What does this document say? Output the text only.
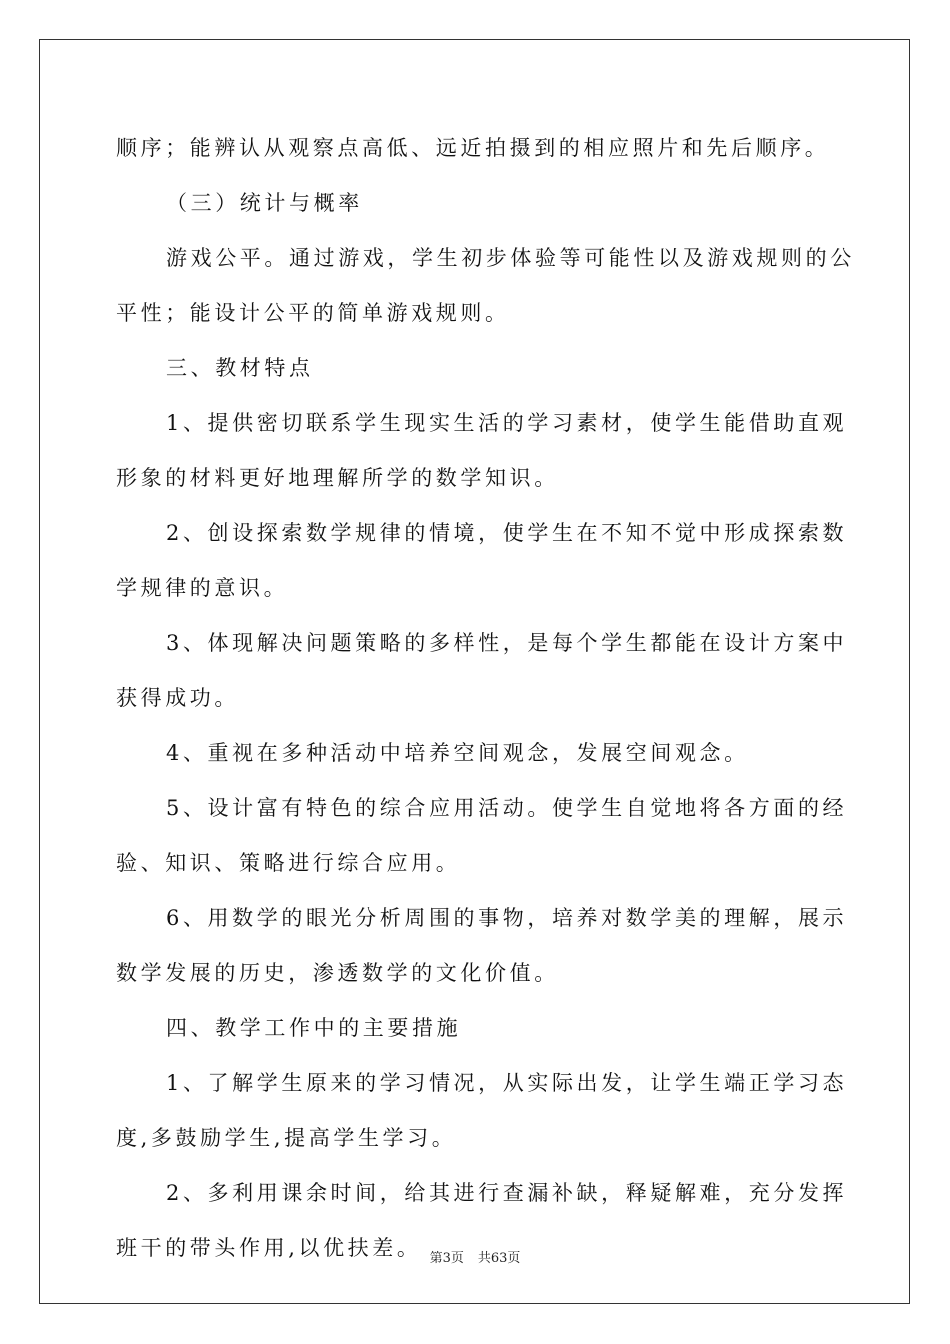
顺序；能辨认从观察点高低、远近拍摄到的相应照片和先后顺序。
（三）统计与概率
游戏公平。通过游戏，学生初步体验等可能性以及游戏规则的公
平性；能设计公平的简单游戏规则。
三、教材特点
1、提供密切联系学生现实生活的学习素材，使学生能借助直观
形象的材料更好地理解所学的数学知识。
2、创设探索数学规律的情境，使学生在不知不觉中形成探索数
学规律的意识。
3、体现解决问题策略的多样性，是每个学生都能在设计方案中
获得成功。
4、重视在多种活动中培养空间观念，发展空间观念。
5、设计富有特色的综合应用活动。使学生自觉地将各方面的经
验、知识、策略进行综合应用。
6、用数学的眼光分析周围的事物，培养对数学美的理解，展示
数学发展的历史，渗透数学的文化价值。
四、教学工作中的主要措施
1、了解学生原来的学习情况，从实际出发，让学生端正学习态
度,多鼓励学生,提高学生学习。
2、多利用课余时间，给其进行查漏补缺，释疑解难，充分发挥
班干的带头作用,以优扶差。 第3页 共63页
